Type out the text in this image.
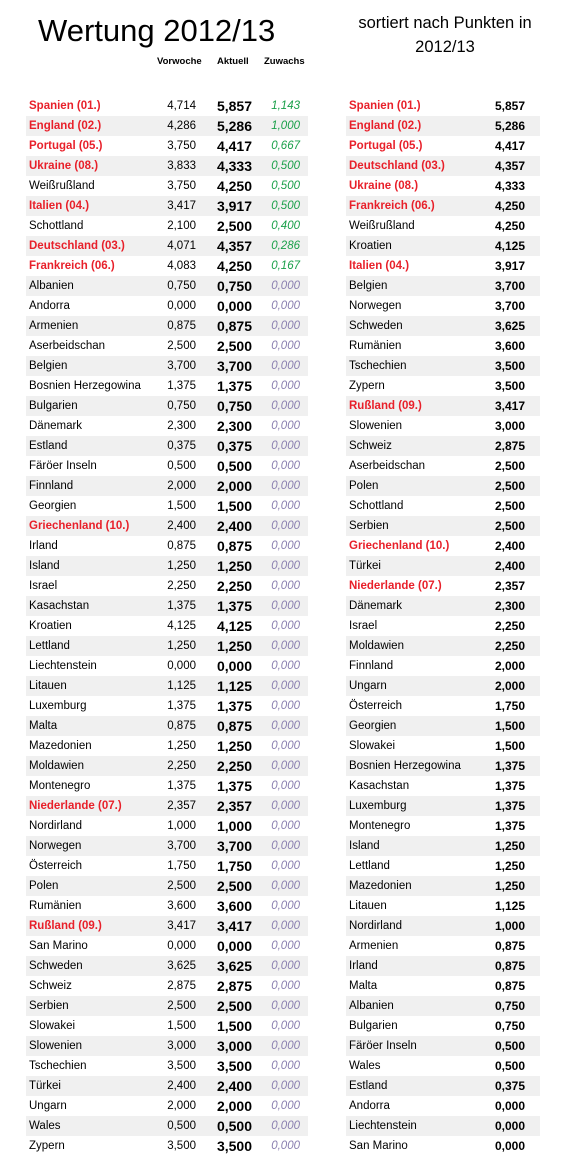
Wertung 2012/13	sortiert nach Punkten in 2012/13
Vorwoche Aktuell Zuwachs
Spanien (01.)	4,714 5,857 1,143
England (02.)	4,286 5,286 1,000
Portugal (05.)	3,750 4,417 0,667
Ukraine (08.)	3,833 4,333 0,500
Weißrußland	3,750 4,250 0,500
Italien (04.)	3,417 3,917 0,500
Schottland	2,100 2,500 0,400
Deutschland (03.)	4,071 4,357 0,286
Frankreich (06.)	4,083 4,250 0,167
Albanien	0,750 0,750 0,000
Andorra	0,000 0,000 0,000
Armenien	0,875 0,875 0,000
Aserbeidschan	2,500 2,500 0,000
Belgien	3,700 3,700 0,000
Bosnien Herzegowina 1,375 1,375 0,000
Bulgarien	0,750 0,750 0,000
Dänemark	2,300 2,300 0,000
Estland	0,375 0,375 0,000
Färöer Inseln	0,500 0,500 0,000
Finnland	2,000 2,000 0,000
Georgien	1,500 1,500 0,000
Griechenland (10.)	2,400 2,400 0,000
Irland	0,875 0,875 0,000
Island	1,250 1,250 0,000
Israel	2,250 2,250 0,000
Kasachstan	1,375 1,375 0,000
Kroatien	4,125 4,125 0,000
Lettland	1,250 1,250 0,000
Liechtenstein	0,000 0,000 0,000
Litauen	1,125 1,125 0,000
Luxemburg	1,375 1,375 0,000
Malta	0,875 0,875 0,000
Mazedonien	1,250 1,250 0,000
Moldawien	2,250 2,250 0,000
Montenegro	1,375 1,375 0,000
Niederlande (07.)	2,357 2,357 0,000
Nordirland	1,000 1,000 0,000
Norwegen	3,700 3,700 0,000
Österreich	1,750 1,750 0,000
Polen	2,500 2,500 0,000
Rumänien	3,600 3,600 0,000
Rußland (09.)	3,417 3,417 0,000
San Marino	0,000 0,000 0,000
Schweden	3,625 3,625 0,000
Schweiz	2,875 2,875 0,000
Serbien	2,500 2,500 0,000
Slowakei	1,500 1,500 0,000
Slowenien	3,000 3,000 0,000
Tschechien	3,500 3,500 0,000
Türkei	2,400 2,400 0,000
Ungarn	2,000 2,000 0,000
Wales	0,500 0,500 0,000
Zypern	3,500 3,500 0,000
Spanien (01.)	5,857
England (02.)	5,286
Portugal (05.)	4,417
Deutschland (03.)	4,357
Ukraine (08.)	4,333
Frankreich (06.)	4,250
Weißrußland	4,250
Kroatien	4,125
Italien (04.)	3,917
Belgien	3,700
Norwegen	3,700
Schweden	3,625
Rumänien	3,600
Tschechien	3,500
Zypern	3,500
Rußland (09.)	3,417
Slowenien	3,000
Schweiz	2,875
Aserbeidschan	2,500
Polen	2,500
Schottland	2,500
Serbien	2,500
Griechenland (10.)	2,400
Türkei	2,400
Niederlande (07.)	2,357
Dänemark	2,300
Israel	2,250
Moldawien	2,250
Finnland	2,000
Ungarn	2,000
Österreich	1,750
Georgien	1,500
Slowakei	1,500
Bosnien Herzegowina	1,375
Kasachstan	1,375
Luxemburg	1,375
Montenegro	1,375
Island	1,250
Lettland	1,250
Mazedonien	1,250
Litauen	1,125
Nordirland	1,000
Armenien	0,875
Irland	0,875
Malta	0,875
Albanien	0,750
Bulgarien	0,750
Färöer Inseln	0,500
Wales	0,500
Estland	0,375
Andorra	0,000
Liechtenstein	0,000
San Marino	0,000
